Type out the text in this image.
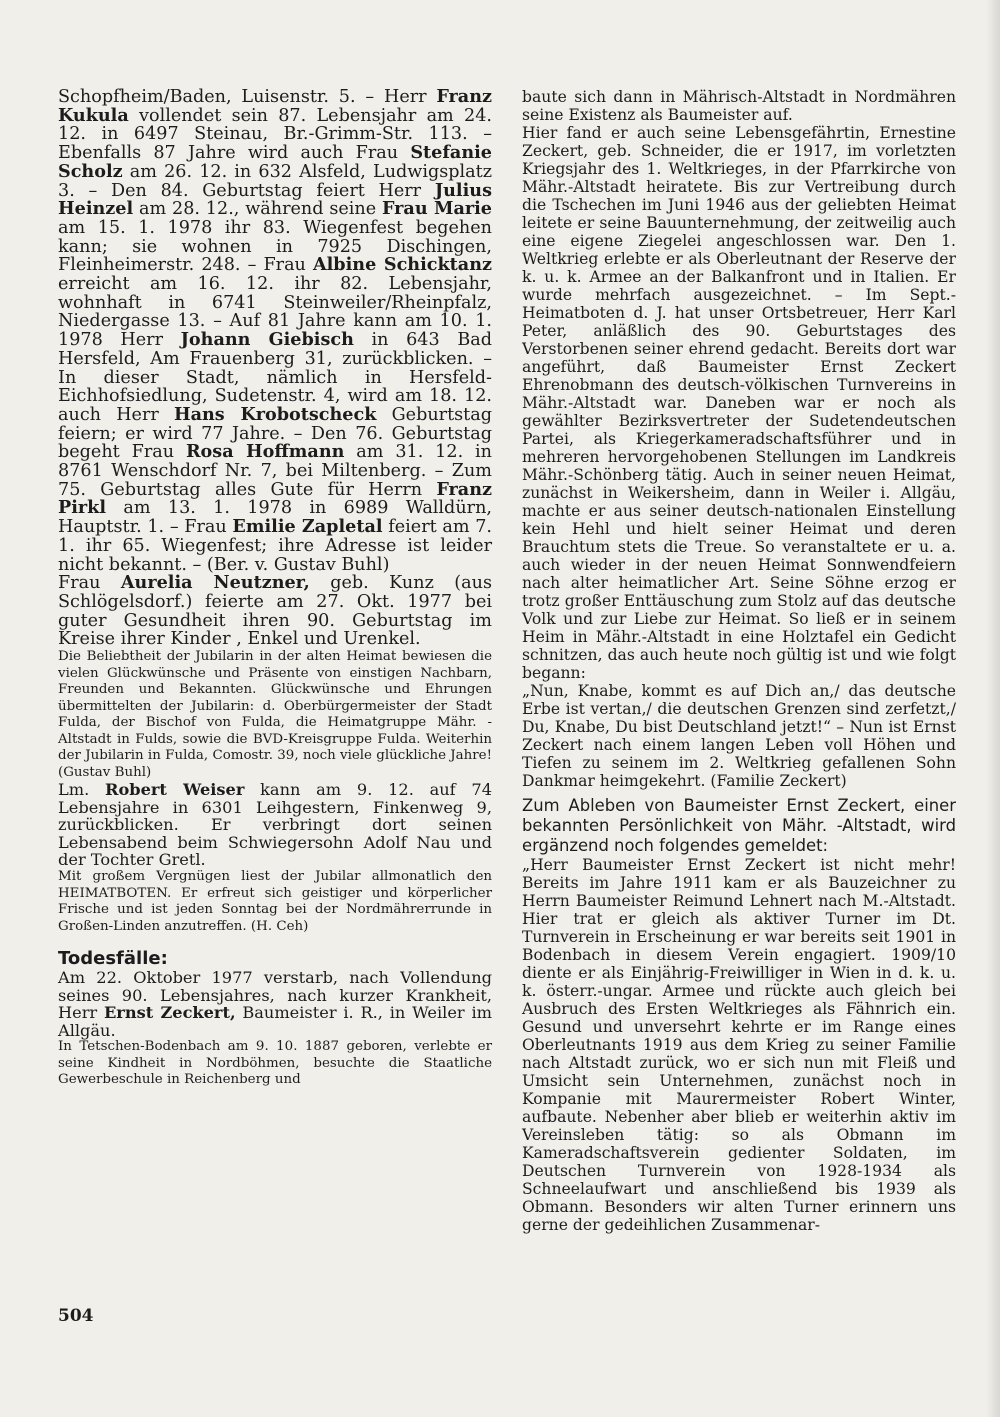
Schopfheim/Baden, Luisenstr. 5. – Herr Franz Kukula vollendet sein 87. Lebensjahr am 24. 12. in 6497 Steinau, Br.-Grimm-Str. 113. – Ebenfalls 87 Jahre wird auch Frau Stefanie Scholz am 26. 12. in 632 Alsfeld, Ludwigsplatz 3. – Den 84. Geburtstag feiert Herr Julius Heinzel am 28. 12., während seine Frau Marie am 15. 1. 1978 ihr 83. Wiegenfest begehen kann; sie wohnen in 7925 Dischingen, Fleinheimerstr. 248. – Frau Albine Schicktanz erreicht am 16. 12. ihr 82. Lebensjahr, wohnhaft in 6741 Steinweiler/Rheinpfalz, Niedergasse 13. – Auf 81 Jahre kann am 10. 1. 1978 Herr Johann Giebisch in 643 Bad Hersfeld, Am Frauenberg 31, zurückblicken. – In dieser Stadt, nämlich in Hersfeld-Eichhofsiedlung, Sudetenstr. 4, wird am 18. 12. auch Herr Hans Krobotscheck Geburtstag feiern; er wird 77 Jahre. – Den 76. Geburtstag begeht Frau Rosa Hoffmann am 31. 12. in 8761 Wenschdorf Nr. 7, bei Miltenberg. – Zum 75. Geburtstag alles Gute für Herrn Franz Pirkl am 13. 1. 1978 in 6989 Walldürn, Hauptstr. 1. – Frau Emilie Zapletal feiert am 7. 1. ihr 65. Wiegenfest; ihre Adresse ist leider nicht bekannt. – (Ber. v. Gustav Buhl)

Frau Aurelia Neutzner, geb. Kunz (aus Schlögelsdorf.) feierte am 27. Okt. 1977 bei guter Gesundheit ihren 90. Geburtstag im Kreise ihrer Kinder , Enkel und Urenkel.

Die Beliebtheit der Jubilarin in der alten Heimat bewiesen die vielen Glückwünsche und Präsente von einstigen Nachbarn, Freunden und Bekannten. Glückwünsche und Ehrungen übermittelten der Jubilarin: d. Oberbürgermeister der Stadt Fulda, der Bischof von Fulda, die Heimatgruppe Mähr. -Altstadt in Fulds, sowie die BVD-Kreisgruppe Fulda. Weiterhin der Jubilarin in Fulda, Comostr. 39, noch viele glückliche Jahre! (Gustav Buhl)

Lm. Robert Weiser kann am 9. 12. auf 74 Lebensjahre in 6301 Leihgestern, Finkenweg 9, zurückblicken. Er verbringt dort seinen Lebensabend beim Schwiegersohn Adolf Nau und der Tochter Gretl.

Mit großem Vergnügen liest der Jubilar allmonatlich den HEIMATBOTEN. Er erfreut sich geistiger und körperlicher Frische und ist jeden Sonntag bei der Nordmährerrunde in Großen-Linden anzutreffen. (H. Ceh)

Todesfälle:

Am 22. Oktober 1977 verstarb, nach Vollendung seines 90. Lebensjahres, nach kurzer Krankheit, Herr Ernst Zeckert, Baumeister i. R., in Weiler im Allgäu.

In Tetschen-Bodenbach am 9. 10. 1887 geboren, verlebte er seine Kindheit in Nordböhmen, besuchte die Staatliche Gewerbeschule in Reichenberg und

baute sich dann in Mährisch-Altstadt in Nordmähren seine Existenz als Baumeister auf.

Hier fand er auch seine Lebensgefährtin, Ernestine Zeckert, geb. Schneider, die er 1917, im vorletzten Kriegsjahr des 1. Weltkrieges, in der Pfarrkirche von Mähr.-Altstadt heiratete. Bis zur Vertreibung durch die Tschechen im Juni 1946 aus der geliebten Heimat leitete er seine Bauunternehmung, der zeitweilig auch eine eigene Ziegelei angeschlossen war. Den 1. Weltkrieg erlebte er als Oberleutnant der Reserve der k. u. k. Armee an der Balkanfront und in Italien. Er wurde mehrfach ausgezeichnet. – Im Sept.-Heimatboten d. J. hat unser Ortsbetreuer, Herr Karl Peter, anläßlich des 90. Geburtstages des Verstorbenen seiner ehrend gedacht. Bereits dort war angeführt, daß Baumeister Ernst Zeckert Ehrenobmann des deutsch-völkischen Turnvereins in Mähr.-Altstadt war. Daneben war er noch als gewählter Bezirksvertreter der Sudetendeutschen Partei, als Kriegerkameradschaftsführer und in mehreren hervorgehobenen Stellungen im Landkreis Mähr.-Schönberg tätig. Auch in seiner neuen Heimat, zunächst in Weikersheim, dann in Weiler i. Allgäu, machte er aus seiner deutsch-nationalen Einstellung kein Hehl und hielt seiner Heimat und deren Brauchtum stets die Treue. So veranstaltete er u. a. auch wieder in der neuen Heimat Sonnwendfeiern nach alter heimatlicher Art. Seine Söhne erzog er trotz großer Enttäuschung zum Stolz auf das deutsche Volk und zur Liebe zur Heimat. So ließ er in seinem Heim in Mähr.-Altstadt in eine Holztafel ein Gedicht schnitzen, das auch heute noch gültig ist und wie folgt begann:

„Nun, Knabe, kommt es auf Dich an,/ das deutsche Erbe ist vertan,/ die deutschen Grenzen sind zerfetzt,/ Du, Knabe, Du bist Deutschland jetzt!“ – Nun ist Ernst Zeckert nach einem langen Leben voll Höhen und Tiefen zu seinem im 2. Weltkrieg gefallenen Sohn Dankmar heimgekehrt. (Familie Zeckert)

Zum Ableben von Baumeister Ernst Zeckert, einer bekannten Persönlichkeit von Mähr. -Altstadt, wird ergänzend noch folgendes gemeldet:

„Herr Baumeister Ernst Zeckert ist nicht mehr! Bereits im Jahre 1911 kam er als Bauzeichner zu Herrn Baumeister Reimund Lehnert nach M.-Altstadt. Hier trat er gleich als aktiver Turner im Dt. Turnverein in Erscheinung er war bereits seit 1901 in Bodenbach in diesem Verein engagiert. 1909/10 diente er als Einjährig-Freiwilliger in Wien in d. k. u. k. österr.-ungar. Armee und rückte auch gleich bei Ausbruch des Ersten Weltkrieges als Fähnrich ein. Gesund und unversehrt kehrte er im Range eines Oberleutnants 1919 aus dem Krieg zu seiner Familie nach Altstadt zurück, wo er sich nun mit Fleiß und Umsicht sein Unternehmen, zunächst noch in Kompanie mit Maurermeister Robert Winter, aufbaute. Nebenher aber blieb er weiterhin aktiv im Vereinsleben tätig: so als Obmann im Kameradschaftsverein gedienter Soldaten, im Deutschen Turnverein von 1928-1934 als Schneelaufwart und anschließend bis 1939 als Obmann. Besonders wir alten Turner erinnern uns gerne der gedeihlichen Zusammenar-

504
